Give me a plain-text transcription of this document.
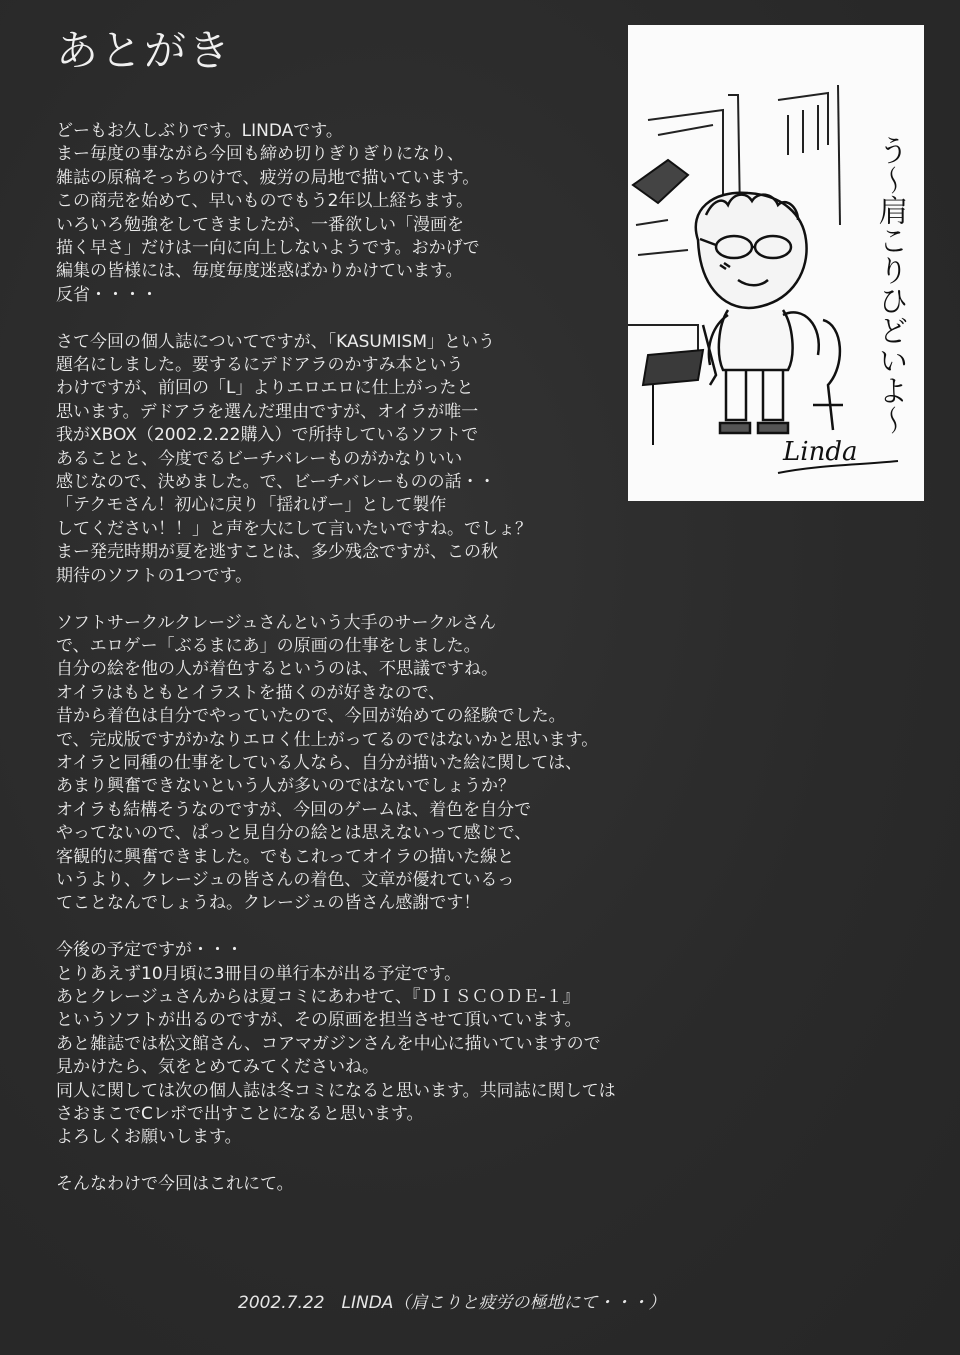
あとがき
う〜肩こりひどいよ〜
Linda
どーもお久しぶりです。LINDAです。
まー毎度の事ながら今回も締め切りぎりぎりになり、
雑誌の原稿そっちのけで、疲労の局地で描いています。
この商売を始めて、早いものでもう2年以上経ちます。
いろいろ勉強をしてきましたが、一番欲しい「漫画を
描く早さ」だけは一向に向上しないようです。おかげで
編集の皆様には、毎度毎度迷惑ばかりかけています。
反省・・・・
さて今回の個人誌についてですが、「KASUMISM」という
題名にしました。要するにデドアラのかすみ本という
わけですが、前回の「L」よりエロエロに仕上がったと
思います。デドアラを選んだ理由ですが、オイラが唯一
我がXBOX（2002.2.22購入）で所持しているソフトで
あることと、今度でるビーチバレーものがかなりいい
感じなので、決めました。で、ビーチバレーものの話・・
「テクモさん！初心に戻り「揺れげー」として製作
してください！！」と声を大にして言いたいですね。でしょ？
まー発売時期が夏を逃すことは、多少残念ですが、この秋
期待のソフトの1つです。
ソフトサークルクレージュさんという大手のサークルさん
で、エロゲー「ぶるまにあ」の原画の仕事をしました。
自分の絵を他の人が着色するというのは、不思議ですね。
オイラはもともとイラストを描くのが好きなので、
昔から着色は自分でやっていたので、今回が始めての経験でした。
で、完成版ですがかなりエロく仕上がってるのではないかと思います。
オイラと同種の仕事をしている人なら、自分が描いた絵に関しては、
あまり興奮できないという人が多いのではないでしょうか？
オイラも結構そうなのですが、今回のゲームは、着色を自分で
やってないので、ぱっと見自分の絵とは思えないって感じで、
客観的に興奮できました。でもこれってオイラの描いた線と
いうより、クレージュの皆さんの着色、文章が優れているっ
てことなんでしょうね。クレージュの皆さん感謝です！
今後の予定ですが・・・
とりあえず10月頃に3冊目の単行本が出る予定です。
あとクレージュさんからは夏コミにあわせて、『ＤＩＳＣＯＤＥ-１』
というソフトが出るのですが、その原画を担当させて頂いています。
あと雑誌では松文館さん、コアマガジンさんを中心に描いていますので
見かけたら、気をとめてみてくださいね。
同人に関しては次の個人誌は冬コミになると思います。共同誌に関しては
さおまこでCレボで出すことになると思います。
よろしくお願いします。
そんなわけで今回はこれにて。
2002.7.22　LINDA（肩こりと疲労の極地にて・・・）
